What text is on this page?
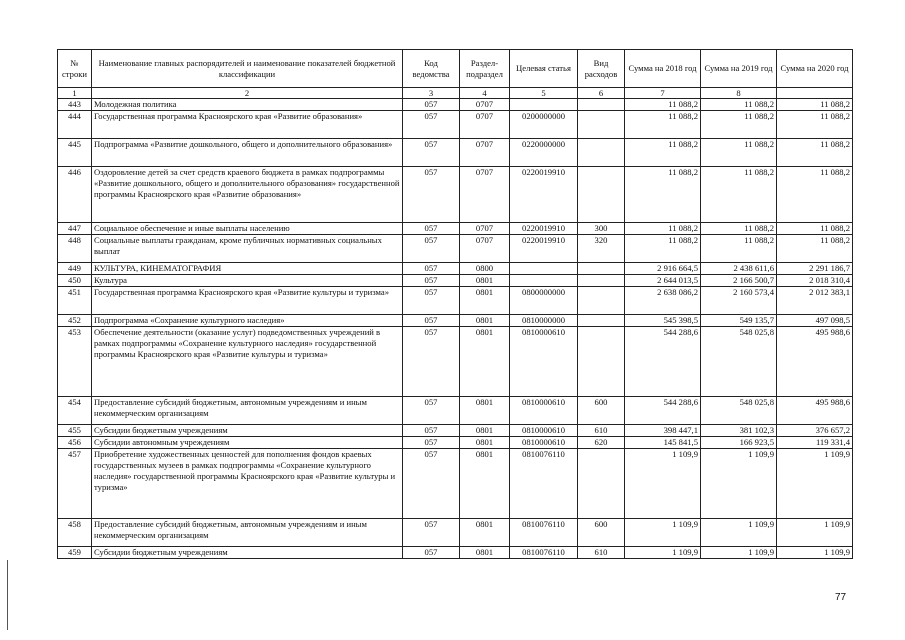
№ строки	Наименование главных распорядителей и наименование показателей бюджетной классификации	Код ведомства	Раздел-подраздел	Целевая статья	Вид расходов	Сумма на 2018 год	Сумма на 2019 год	Сумма на 2020 год
1	2	3	4	5	6	7	8	
443	Молодежная политика	057	0707			11 088,2	11 088,2	11 088,2
444	Государственная программа Красноярского края «Развитие образования»	057	0707	0200000000		11 088,2	11 088,2	11 088,2
445	Подпрограмма «Развитие дошкольного, общего и дополнительного образования»	057	0707	0220000000		11 088,2	11 088,2	11 088,2
446	Оздоровление детей за счет средств краевого бюджета в рамках подпрограммы «Развитие дошкольного, общего и дополнительного образования» государственной программы Красноярского края «Развитие образования»	057	0707	0220019910		11 088,2	11 088,2	11 088,2
447	Социальное обеспечение и иные выплаты населению	057	0707	0220019910	300	11 088,2	11 088,2	11 088,2
448	Социальные выплаты гражданам, кроме публичных нормативных социальных выплат	057	0707	0220019910	320	11 088,2	11 088,2	11 088,2
449	КУЛЬТУРА, КИНЕМАТОГРАФИЯ	057	0800			2 916 664,5	2 438 611,6	2 291 186,7
450	Культура	057	0801			2 644 013,5	2 166 500,7	2 018 310,4
451	Государственная программа Красноярского края «Развитие культуры и туризма»	057	0801	0800000000		2 638 086,2	2 160 573,4	2 012 383,1
452	Подпрограмма «Сохранение культурного наследия»	057	0801	0810000000		545 398,5	549 135,7	497 098,5
453	Обеспечение деятельности (оказание услуг) подведомственных учреждений в рамках подпрограммы «Сохранение культурного наследия» государственной программы Красноярского края «Развитие культуры и туризма»	057	0801	0810000610		544 288,6	548 025,8	495 988,6
454	Предоставление субсидий бюджетным, автономным учреждениям и иным некоммерческим организациям	057	0801	0810000610	600	544 288,6	548 025,8	495 988,6
455	Субсидии бюджетным учреждениям	057	0801	0810000610	610	398 447,1	381 102,3	376 657,2
456	Субсидии автономным учреждениям	057	0801	0810000610	620	145 841,5	166 923,5	119 331,4
457	Приобретение художественных ценностей для пополнения фондов краевых государственных музеев в рамках подпрограммы «Сохранение культурного наследия» государственной программы Красноярского края «Развитие культуры и туризма»	057	0801	0810076110		1 109,9	1 109,9	1 109,9
458	Предоставление субсидий бюджетным, автономным учреждениям и иным некоммерческим организациям	057	0801	0810076110	600	1 109,9	1 109,9	1 109,9
459	Субсидии бюджетным учреждениям	057	0801	0810076110	610	1 109,9	1 109,9	1 109,9
77
